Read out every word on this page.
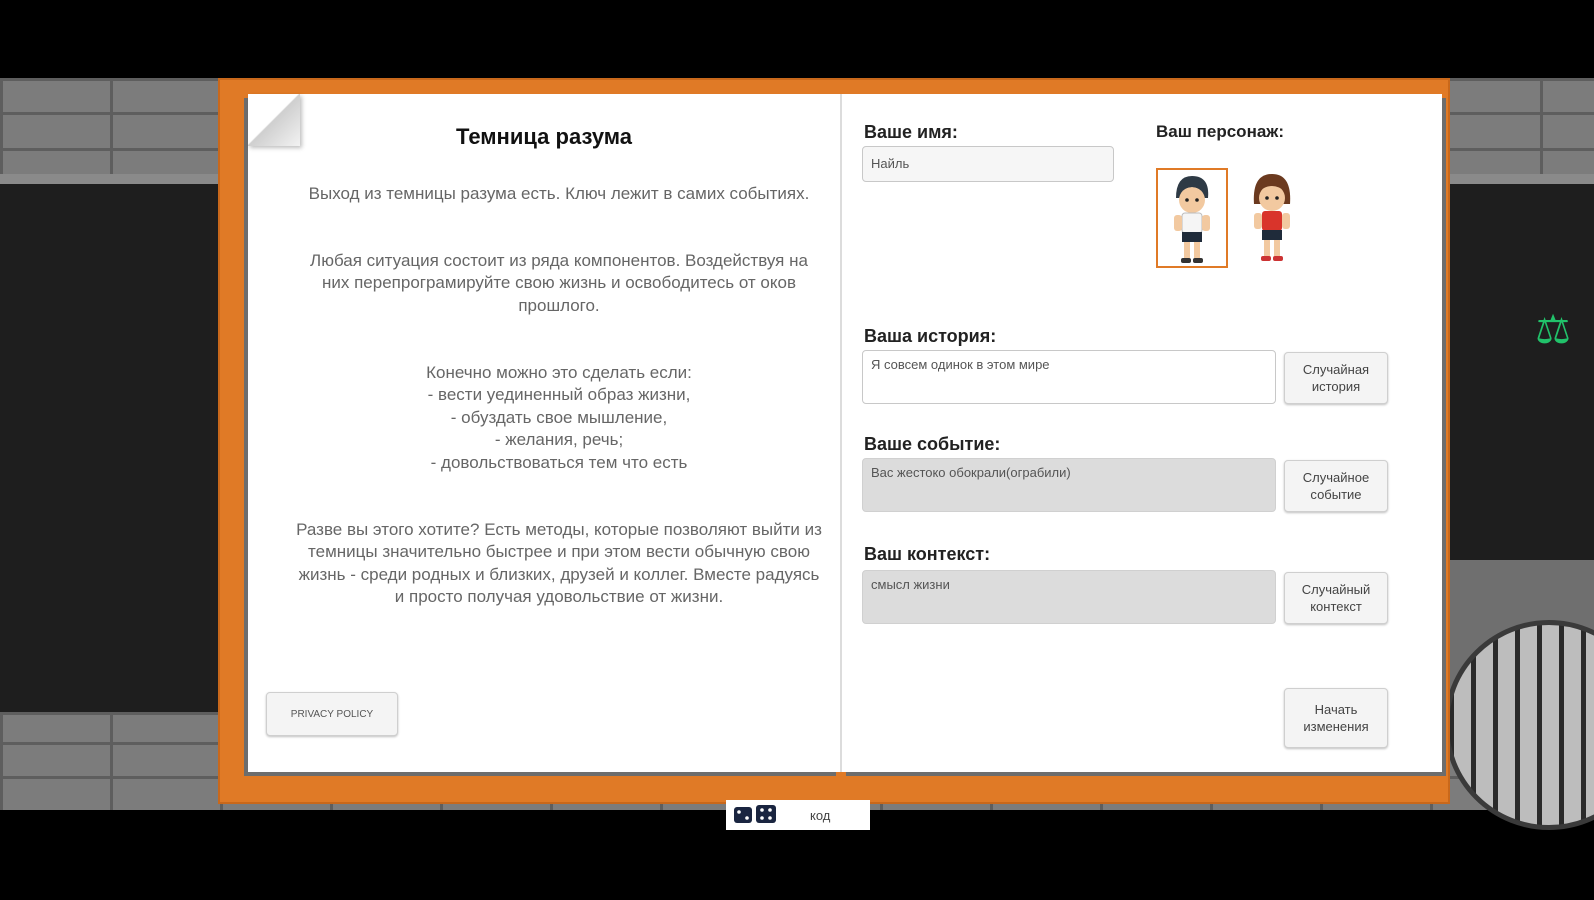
⚖
Темница разума

Выход из темницы разума есть. Ключ лежит в самих событиях.

Любая ситуация состоит из ряда компонентов. Воздействуя на них перепрограмируйте свою жизнь и освободитесь от оков прошлого.

Конечно можно это сделать если:
- вести уединенный образ жизни,
- обуздать свое мышление,
- желания, речь;
- довольствоваться тем что есть

Разве вы этого хотите? Есть методы, которые позволяют выйти из темницы значительно быстрее и при этом вести обычную свою жизнь - среди родных и близких, друзей и коллег. Вместе радуясь и просто получая удовольствие от жизни.

PRIVACY POLICY
Ваше имя:
Найль
Ваш персонаж:
Ваша история:
Я совсем одинок в этом мире	Случайная
история
Ваше событие:
Вас жестоко обокрали(ограбили)	Случайное
событие
Ваш контекст:
смысл жизни	Случайный
контекст
Начать
изменения
код
